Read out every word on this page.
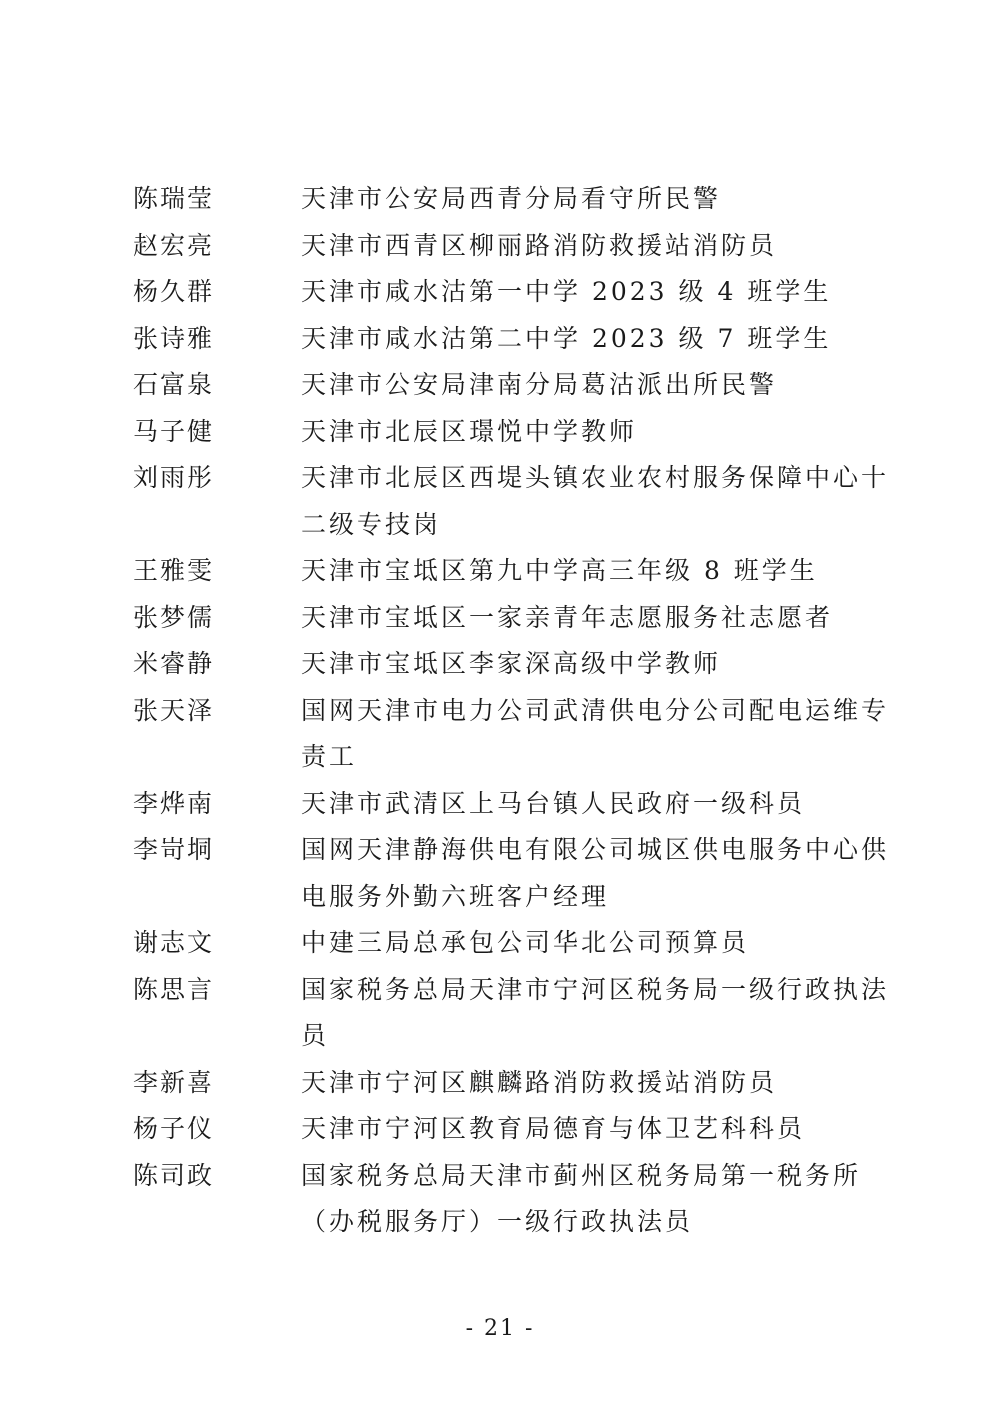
陈瑞莹	天津市公安局西青分局看守所民警
赵宏亮	天津市西青区柳丽路消防救援站消防员
杨久群	天津市咸水沽第一中学 2023 级 4 班学生
张诗雅	天津市咸水沽第二中学 2023 级 7 班学生
石富泉	天津市公安局津南分局葛沽派出所民警
马子健	天津市北辰区璟悦中学教师
刘雨彤	天津市北辰区西堤头镇农业农村服务保障中心十二级专技岗
王雅雯	天津市宝坻区第九中学高三年级 8 班学生
张梦儒	天津市宝坻区一家亲青年志愿服务社志愿者
米睿静	天津市宝坻区李家深高级中学教师
张天泽	国网天津市电力公司武清供电分公司配电运维专责工
李烨南	天津市武清区上马台镇人民政府一级科员
李岢垌	国网天津静海供电有限公司城区供电服务中心供电服务外勤六班客户经理
谢志文	中建三局总承包公司华北公司预算员
陈思言	国家税务总局天津市宁河区税务局一级行政执法员
李新喜	天津市宁河区麒麟路消防救援站消防员
杨子仪	天津市宁河区教育局德育与体卫艺科科员
陈司政	国家税务总局天津市蓟州区税务局第一税务所（办税服务厅）一级行政执法员
- 21 -
